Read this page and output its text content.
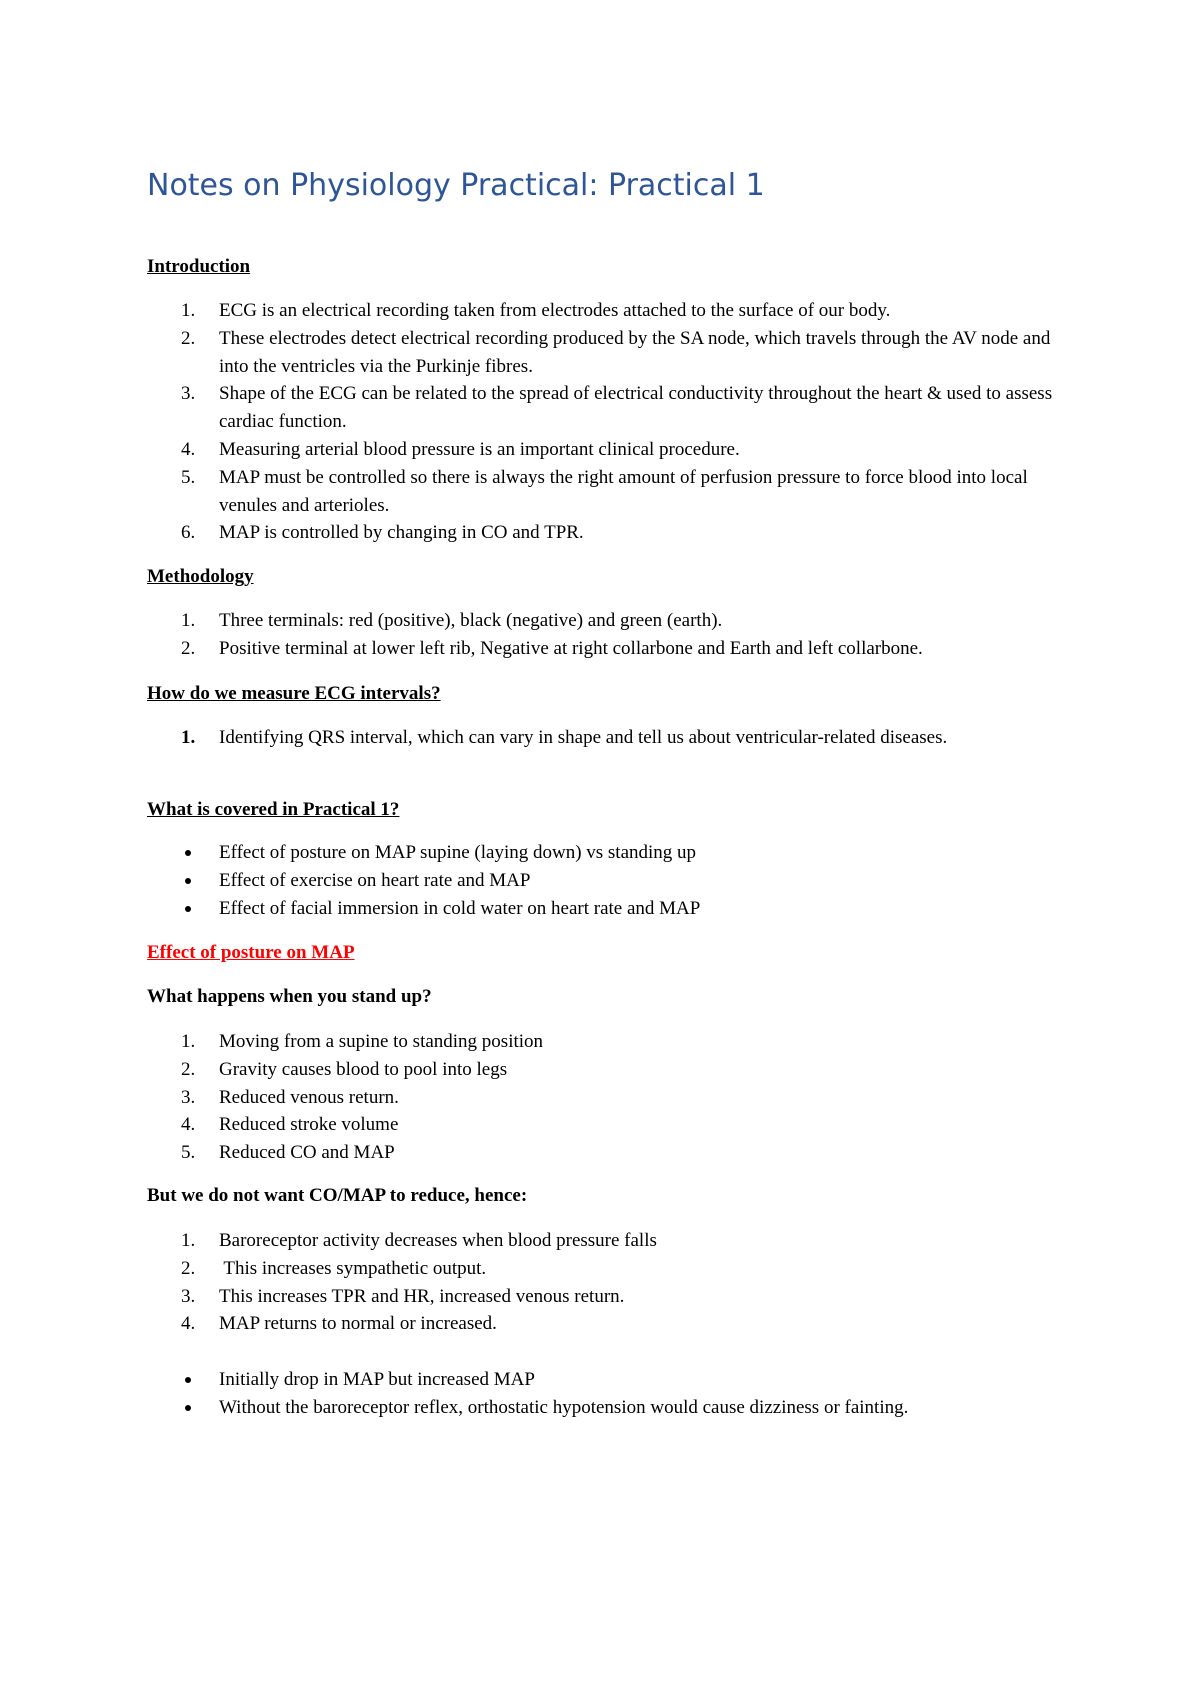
Notes on Physiology Practical: Practical 1
Introduction
1.	ECG is an electrical recording taken from electrodes attached to the surface of our body.
2.	These electrodes detect electrical recording produced by the SA node, which travels through the AV node and into the ventricles via the Purkinje fibres.
3.	Shape of the ECG can be related to the spread of electrical conductivity throughout the heart & used to assess cardiac function.
4.	Measuring arterial blood pressure is an important clinical procedure.
5.	MAP must be controlled so there is always the right amount of perfusion pressure to force blood into local venules and arterioles.
6.	MAP is controlled by changing in CO and TPR.
Methodology
1.	Three terminals: red (positive), black (negative) and green (earth).
2.	Positive terminal at lower left rib, Negative at right collarbone and Earth and left collarbone.
How do we measure ECG intervals?
1.	Identifying QRS interval, which can vary in shape and tell us about ventricular-related diseases.
What is covered in Practical 1?
Effect of posture on MAP supine (laying down) vs standing up
Effect of exercise on heart rate and MAP
Effect of facial immersion in cold water on heart rate and MAP
Effect of posture on MAP
What happens when you stand up?
1.	Moving from a supine to standing position
2.	Gravity causes blood to pool into legs
3.	Reduced venous return.
4.	Reduced stroke volume
5.	Reduced CO and MAP
But we do not want CO/MAP to reduce, hence:
1.	Baroreceptor activity decreases when blood pressure falls
2.	This increases sympathetic output.
3.	This increases TPR and HR, increased venous return.
4.	MAP returns to normal or increased.
Initially drop in MAP but increased MAP
Without the baroreceptor reflex, orthostatic hypotension would cause dizziness or fainting.
